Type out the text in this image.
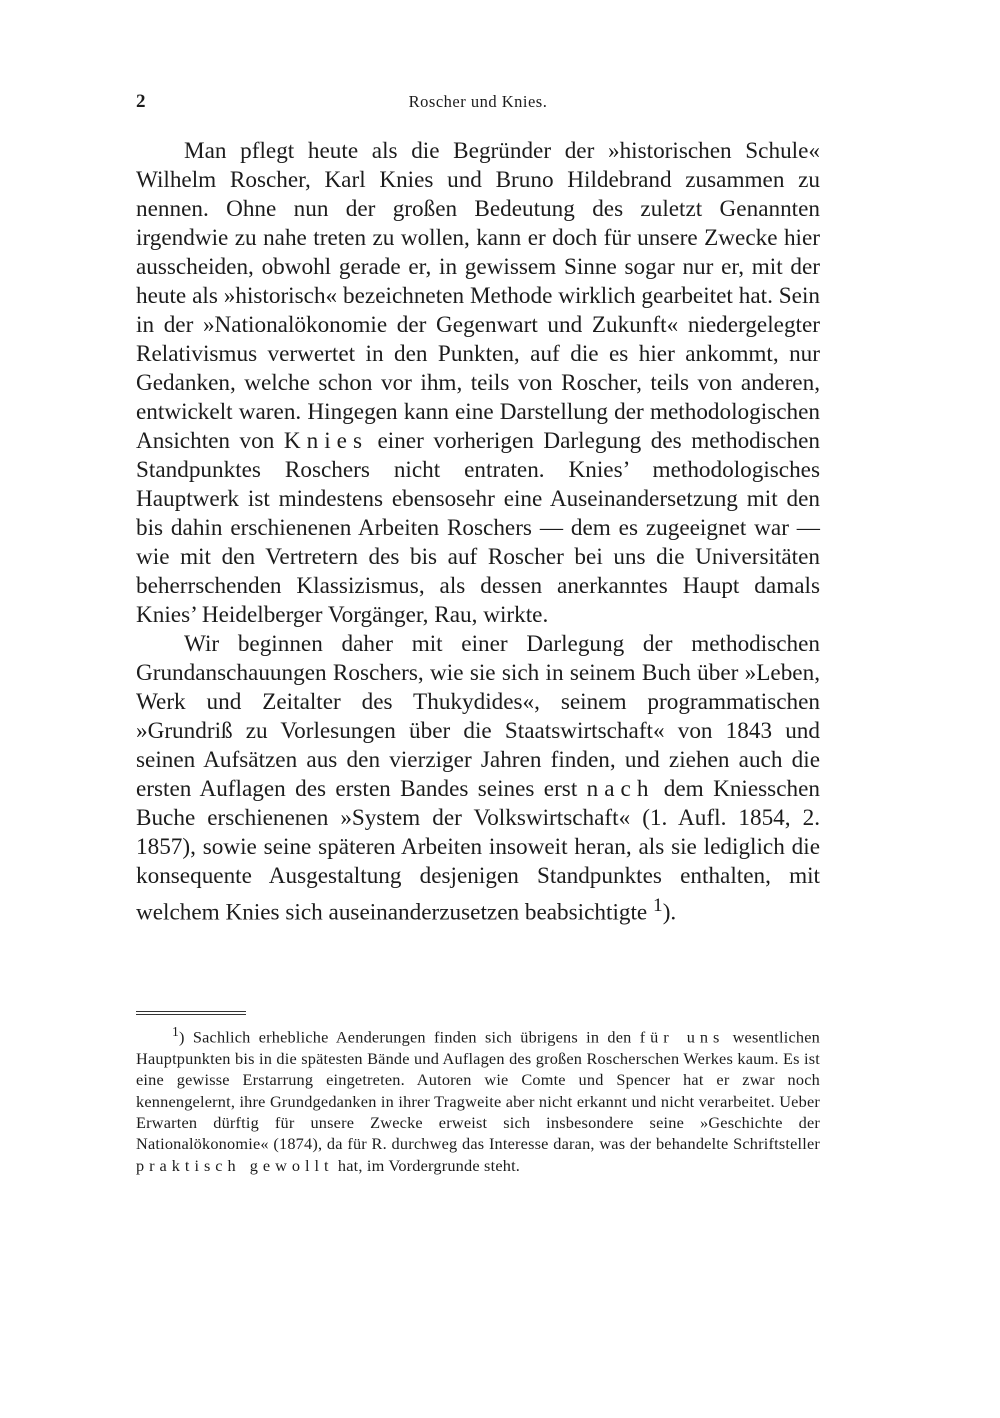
2	Roscher und Knies.

Man pflegt heute als die Begründer der »historischen Schule« Wilhelm Roscher, Karl Knies und Bruno Hildebrand zusammen zu nennen. Ohne nun der großen Bedeutung des zuletzt Genannten irgendwie zu nahe treten zu wollen, kann er doch für unsere Zwecke hier ausscheiden, obwohl gerade er, in gewissem Sinne sogar nur er, mit der heute als »historisch« bezeichneten Methode wirklich gearbeitet hat. Sein in der »Nationalökonomie der Gegenwart und Zukunft« niedergelegter Relativismus verwertet in den Punkten, auf die es hier ankommt, nur Gedanken, welche schon vor ihm, teils von Roscher, teils von anderen, entwickelt waren. Hingegen kann eine Darstellung der methodologischen Ansichten von Knies einer vorherigen Darlegung des methodischen Standpunktes Roschers nicht entraten. Knies’ methodologisches Hauptwerk ist mindestens ebensosehr eine Auseinandersetzung mit den bis dahin erschienenen Arbeiten Roschers — dem es zugeeignet war — wie mit den Vertretern des bis auf Roscher bei uns die Universitäten beherrschenden Klassizismus, als dessen anerkanntes Haupt damals Knies’ Heidelberger Vorgänger, Rau, wirkte.

Wir beginnen daher mit einer Darlegung der methodischen Grundanschauungen Roschers, wie sie sich in seinem Buch über »Leben, Werk und Zeitalter des Thukydides«, seinem programmatischen »Grundriß zu Vorlesungen über die Staatswirtschaft« von 1843 und seinen Aufsätzen aus den vierziger Jahren finden, und ziehen auch die ersten Auflagen des ersten Bandes seines erst nach dem Kniesschen Buche erschienenen »System der Volkswirtschaft« (1. Aufl. 1854, 2. 1857), sowie seine späteren Arbeiten insoweit heran, als sie lediglich die konsequente Ausgestaltung desjenigen Standpunktes enthalten, mit welchem Knies sich auseinanderzusetzen beabsichtigte $^1$).

$^1$) Sachlich erhebliche Aenderungen finden sich übrigens in den für uns wesentlichen Hauptpunkten bis in die spätesten Bände und Auflagen des großen Roscherschen Werkes kaum. Es ist eine gewisse Erstarrung eingetreten. Autoren wie Comte und Spencer hat er zwar noch kennengelernt, ihre Grundgedanken in ihrer Tragweite aber nicht erkannt und nicht verarbeitet. Ueber Erwarten dürftig für unsere Zwecke erweist sich insbesondere seine »Geschichte der Nationalökonomie« (1874), da für R. durchweg das Interesse daran, was der behandelte Schriftsteller praktisch gewollt hat, im Vordergrunde steht.
